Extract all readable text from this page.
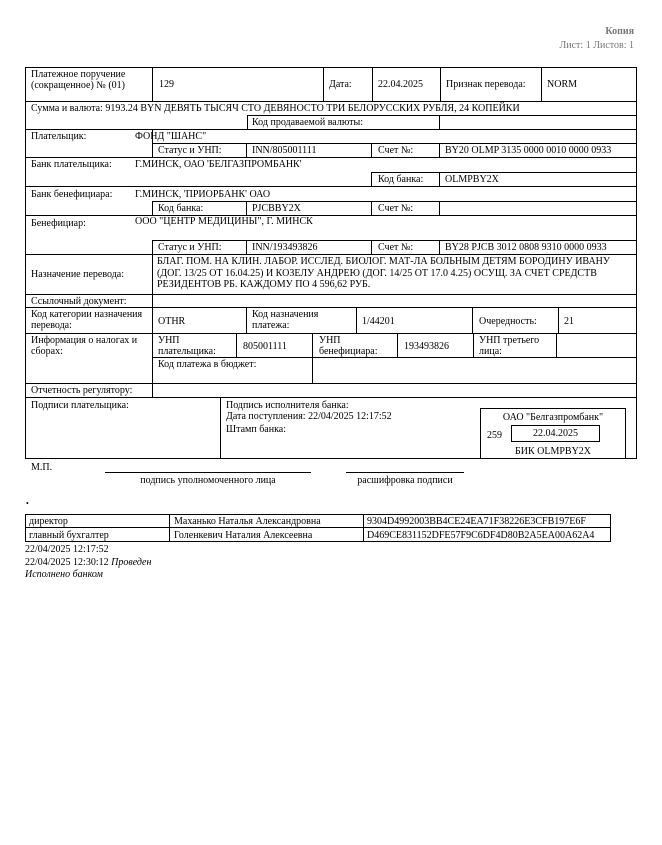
Копия
Лист: 1 Листов: 1
Платежное поручение (сокращенное) № (01)	129	Дата:	22.04.2025 Признак перевода: NORM
Сумма и валюта: 9193.24 BYN ДЕВЯТЬ ТЫСЯЧ СТО ДЕВЯНОСТО ТРИ БЕЛОРУССКИХ РУБЛЯ, 24 КОПЕЙКИ
Код продаваемой валюты:
Плательщик:	ФОНД "ШАНС"
Статус и УНП:	INN/805001111	Счет №:	BY20 OLMP 3135 0000 0010 0000 0933
Банк плательщика: Г.МИНСК, ОАО 'БЕЛГАЗПРОМБАНК'
Код банка: OLMPBY2X
Банк бенефициара: Г.МИНСК, 'ПРИОРБАНК' ОАО
Код банка:	PJCBBY2X	Счет №:
Бенефициар:	ООО "ЦЕНТР МЕДИЦИНЫ", Г. МИНСК
Статус и УНП:	INN/193493826	Счет №:	BY28 PJCB 3012 0808 9310 0000 0933
Назначение перевода:
БЛАГ. ПОМ. НА КЛИН. ЛАБОР. ИССЛЕД. БИОЛОГ. МАТ-ЛА БОЛЬНЫМ ДЕТЯМ БОРОДИНУ ИВАНУ (ДОГ. 13/25 ОТ 16.04.25) И КОЗЕЛУ АНДРЕЮ (ДОГ. 14/25 ОТ 17.0 4.25) ОСУЩ. ЗА СЧЕТ СРЕДСТВ РЕЗИДЕНТОВ РБ. КАЖДОМУ ПО 4 596,62 РУБ.
Ссылочный документ:
Код категории назначения перевода:	OTHR
Код назначения платежа:	1/44201	Очередность:	21
Информация о налогах и сборах:
УНП плательщика:	805001111
УНП бенефициара:	193493826
УНП третьего лица:
Код платежа в бюджет:
Отчетность регулятору:
Подписи плательщика:	Подпись исполнителя банка:
Дата поступления: 22/04/2025 12:17:52
Штамп банка:
ОАО "Белгазпромбанк"
259	22.04.2025
БИК OLMPBY2X
М.П.
подпись уполномоченного лица	расшифровка подписи
•
директор	Маханько Наталья Александровна	9304D4992003BB4CE24EA71F38226E3CFB197E6F
главный бухгалтер	Голенкевич Наталия Алексеевна	D469CE831152DFE57F9C6DF4D80B2A5EA00A62A4
22/04/2025 12:17:52
22/04/2025 12:30:12 Проведен
Исполнено банком
